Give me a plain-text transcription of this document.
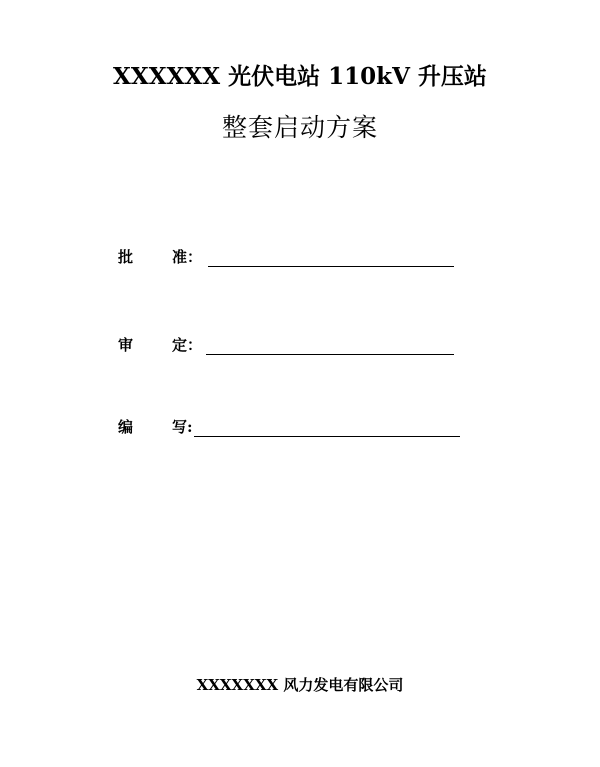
XXXXXX 光伏电站 110kV 升压站
整套启动方案
批	准：
审	定：
编	写:
XXXXXXX 风力发电有限公司
